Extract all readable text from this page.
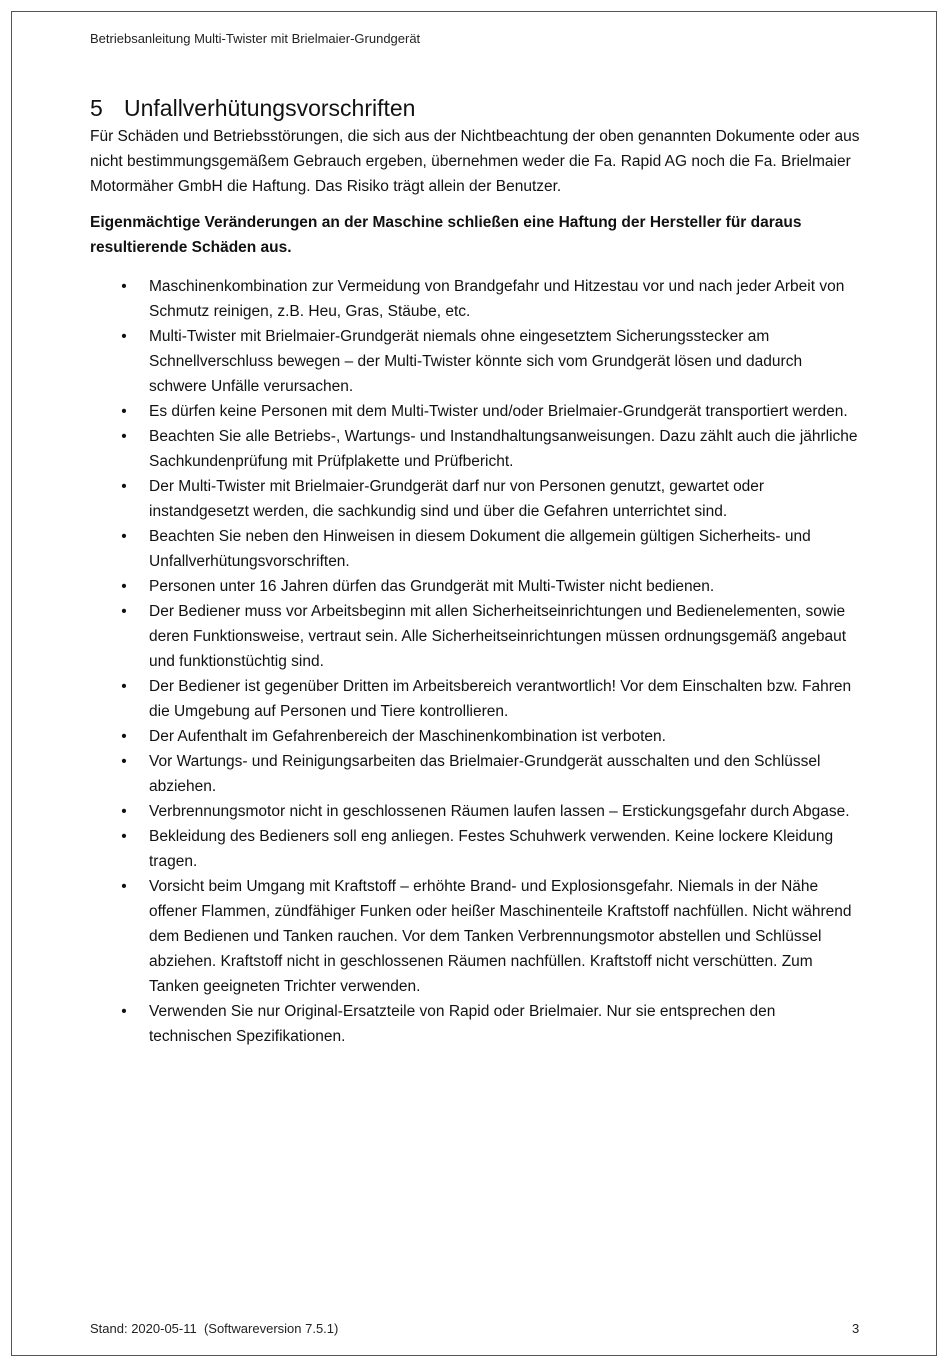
Betriebsanleitung Multi-Twister mit Brielmaier-Grundgerät
5 Unfallverhütungsvorschriften

Für Schäden und Betriebsstörungen, die sich aus der Nichtbeachtung der oben genannten Dokumente oder aus nicht bestimmungsgemäßem Gebrauch ergeben, übernehmen weder die Fa. Rapid AG noch die Fa. Brielmaier Motormäher GmbH die Haftung. Das Risiko trägt allein der Benutzer.

Eigenmächtige Veränderungen an der Maschine schließen eine Haftung der Hersteller für daraus resultierende Schäden aus.

• Maschinenkombination zur Vermeidung von Brandgefahr und Hitzestau vor und nach jeder Arbeit von Schmutz reinigen, z.B. Heu, Gras, Stäube, etc.
• Multi-Twister mit Brielmaier-Grundgerät niemals ohne eingesetztem Sicherungsstecker am Schnellverschluss bewegen – der Multi-Twister könnte sich vom Grundgerät lösen und dadurch schwere Unfälle verursachen.
• Es dürfen keine Personen mit dem Multi-Twister und/oder Brielmaier-Grundgerät transportiert werden.
• Beachten Sie alle Betriebs-, Wartungs- und Instandhaltungsanweisungen. Dazu zählt auch die jährliche Sachkundenprüfung mit Prüfplakette und Prüfbericht.
• Der Multi-Twister mit Brielmaier-Grundgerät darf nur von Personen genutzt, gewartet oder instandgesetzt werden, die sachkundig sind und über die Gefahren unterrichtet sind.
• Beachten Sie neben den Hinweisen in diesem Dokument die allgemein gültigen Sicherheits- und Unfallverhütungsvorschriften.
• Personen unter 16 Jahren dürfen das Grundgerät mit Multi-Twister nicht bedienen.
• Der Bediener muss vor Arbeitsbeginn mit allen Sicherheitseinrichtungen und Bedienelementen, sowie deren Funktionsweise, vertraut sein. Alle Sicherheitseinrichtungen müssen ordnungsgemäß angebaut und funktionstüchtig sind.
• Der Bediener ist gegenüber Dritten im Arbeitsbereich verantwortlich! Vor dem Einschalten bzw. Fahren die Umgebung auf Personen und Tiere kontrollieren.
• Der Aufenthalt im Gefahrenbereich der Maschinenkombination ist verboten.
• Vor Wartungs- und Reinigungsarbeiten das Brielmaier-Grundgerät ausschalten und den Schlüssel abziehen.
• Verbrennungsmotor nicht in geschlossenen Räumen laufen lassen – Erstickungsgefahr durch Abgase.
• Bekleidung des Bedieners soll eng anliegen. Festes Schuhwerk verwenden. Keine lockere Kleidung tragen.
• Vorsicht beim Umgang mit Kraftstoff – erhöhte Brand- und Explosionsgefahr. Niemals in der Nähe offener Flammen, zündfähiger Funken oder heißer Maschinenteile Kraftstoff nachfüllen. Nicht während dem Bedienen und Tanken rauchen. Vor dem Tanken Verbrennungsmotor abstellen und Schlüssel abziehen. Kraftstoff nicht in geschlossenen Räumen nachfüllen. Kraftstoff nicht verschütten. Zum Tanken geeigneten Trichter verwenden.
• Verwenden Sie nur Original-Ersatzteile von Rapid oder Brielmaier. Nur sie entsprechen den technischen Spezifikationen.
Stand: 2020-05-11  (Softwareversion 7.5.1)	3
